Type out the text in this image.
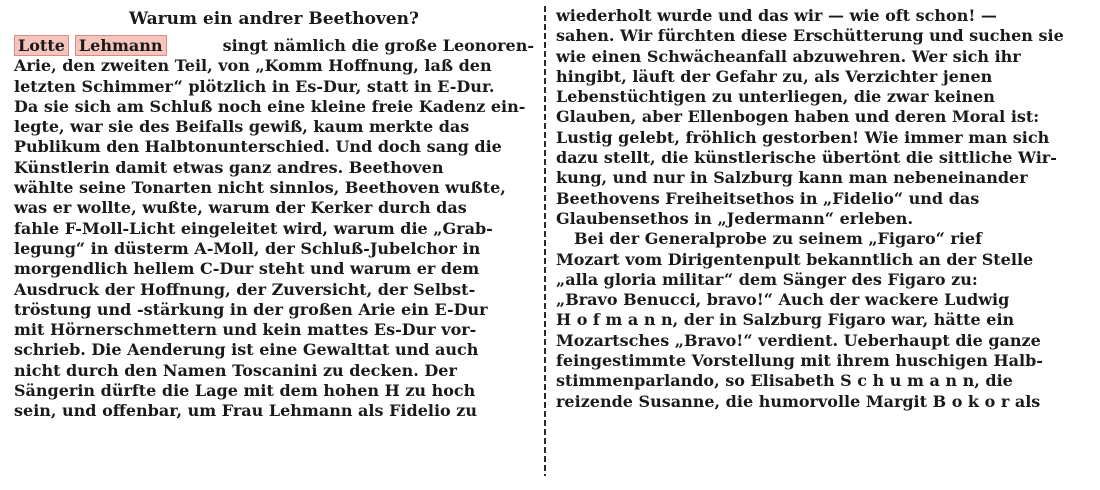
Warum ein andrer Beethoven?
Lotte Lehmann	singt nämlich die große Leonoren-
Arie, den zweiten Teil, von „Komm Hoffnung, laß den
letzten Schimmer“ plötzlich in Es-Dur, statt in E-Dur.
Da sie sich am Schluß noch eine kleine freie Kadenz ein-
legte, war sie des Beifalls gewiß, kaum merkte das
Publikum den Halbtonunterschied. Und doch sang die
Künstlerin damit etwas ganz andres. Beethoven
wählte seine Tonarten nicht sinnlos, Beethoven wußte,
was er wollte, wußte, warum der Kerker durch das
fahle F-Moll-Licht eingeleitet wird, warum die „Grab-
legung“ in düsterm A-Moll, der Schluß-Jubelchor in
morgendlich hellem C-Dur steht und warum er dem
Ausdruck der Hoffnung, der Zuversicht, der Selbst-
tröstung und -stärkung in der großen Arie ein E-Dur
mit Hörnerschmettern und kein mattes Es-Dur vor-
schrieb. Die Aenderung ist eine Gewalttat und auch
nicht durch den Namen Toscanini zu decken. Der
Sängerin dürfte die Lage mit dem hohen H zu hoch
sein, und offenbar, um Frau Lehmann als Fidelio zu
wiederholt wurde und das wir — wie oft schon! —
sahen. Wir fürchten diese Erschütterung und suchen sie
wie einen Schwächeanfall abzuwehren. Wer sich ihr
hingibt, läuft der Gefahr zu, als Verzichter jenen
Lebenstüchtigen zu unterliegen, die zwar keinen
Glauben, aber Ellenbogen haben und deren Moral ist:
Lustig gelebt, fröhlich gestorben! Wie immer man sich
dazu stellt, die künstlerische übertönt die sittliche Wir-
kung, und nur in Salzburg kann man nebeneinander
Beethovens Freiheitsethos in „Fidelio“ und das
Glaubensethos in „Jedermann“ erleben.
Bei der Generalprobe zu seinem „Figaro“ rief
Mozart vom Dirigentenpult bekanntlich an der Stelle
„alla gloria militar“ dem Sänger des Figaro zu:
„Bravo Benucci, bravo!“ Auch der wackere Ludwig
H o f m a n n, der in Salzburg Figaro war, hätte ein
Mozartsches „Bravo!“ verdient. Ueberhaupt die ganze
feingestimmte Vorstellung mit ihrem huschigen Halb-
stimmenparlando, so Elisabeth S c h u m a n n, die
reizende Susanne, die humorvolle Margit B o k o r als
